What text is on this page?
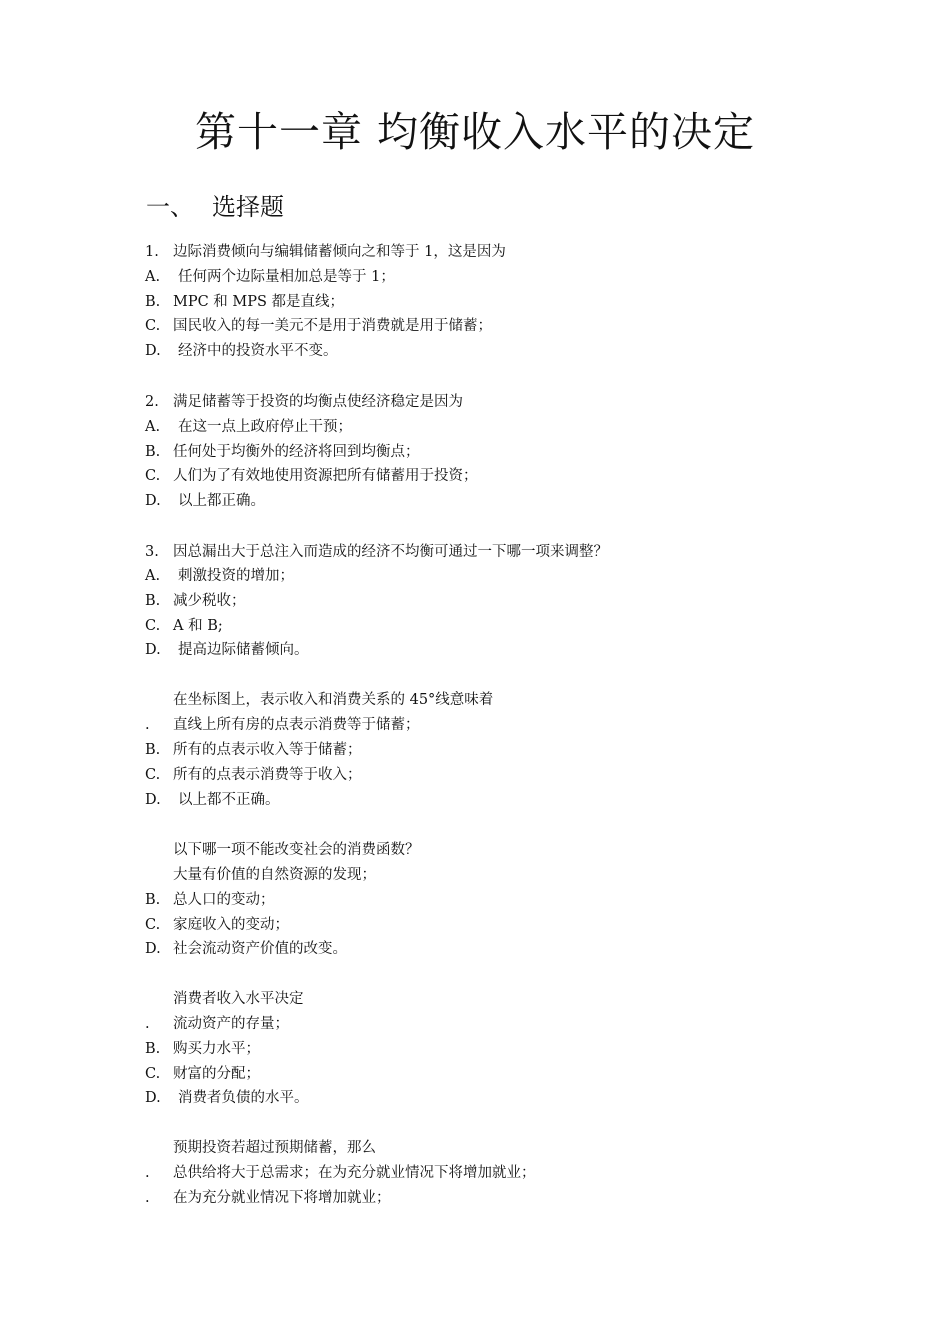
第十一章 均衡收入水平的决定
一、 选择题
1. 边际消费倾向与编辑储蓄倾向之和等于 1，这是因为
A. 任何两个边际量相加总是等于 1；
B. MPC 和 MPS 都是直线；
C. 国民收入的每一美元不是用于消费就是用于储蓄；
D. 经济中的投资水平不变。
2. 满足储蓄等于投资的均衡点使经济稳定是因为
A. 在这一点上政府停止干预；
B. 任何处于均衡外的经济将回到均衡点；
C. 人们为了有效地使用资源把所有储蓄用于投资；
D. 以上都正确。
3. 因总漏出大于总注入而造成的经济不均衡可通过一下哪一项来调整？
A. 刺激投资的增加；
B. 减少税收；
C. A 和 B;
D. 提高边际储蓄倾向。
在坐标图上，表示收入和消费关系的 45°线意味着
. 直线上所有房的点表示消费等于储蓄；
B. 所有的点表示收入等于储蓄；
C. 所有的点表示消费等于收入；
D. 以上都不正确。
以下哪一项不能改变社会的消费函数？
大量有价值的自然资源的发现；
B. 总人口的变动；
C. 家庭收入的变动；
D. 社会流动资产价值的改变。
消费者收入水平决定
. 流动资产的存量；
B. 购买力水平；
C. 财富的分配；
D. 消费者负债的水平。
预期投资若超过预期储蓄，那么
. 总供给将大于总需求；在为充分就业情况下将增加就业；
. 在为充分就业情况下将增加就业；
